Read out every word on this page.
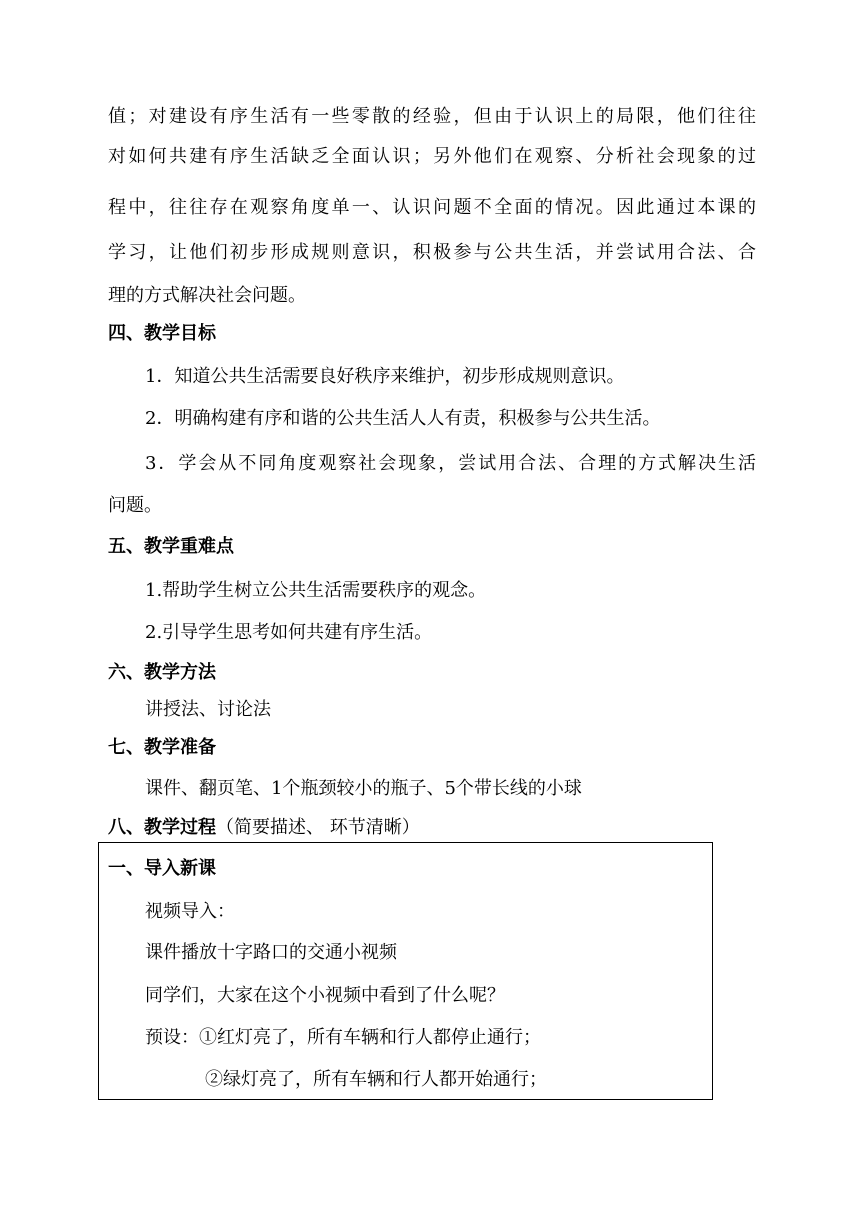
值；对建设有序生活有一些零散的经验，但由于认识上的局限，他们往往
对如何共建有序生活缺乏全面认识；另外他们在观察、分析社会现象的过
程中，往往存在观察角度单一、认识问题不全面的情况。因此通过本课的
学习，让他们初步形成规则意识，积极参与公共生活，并尝试用合法、合
理的方式解决社会问题。
四、教学目标
1．知道公共生活需要良好秩序来维护，初步形成规则意识。
2．明确构建有序和谐的公共生活人人有责，积极参与公共生活。
3．学会从不同角度观察社会现象，尝试用合法、合理的方式解决生活
问题。
五、教学重难点
1.帮助学生树立公共生活需要秩序的观念。
2.引导学生思考如何共建有序生活。
六、教学方法
讲授法、讨论法
七、教学准备
课件、翻页笔、1个瓶颈较小的瓶子、5个带长线的小球
八、教学过程（简要描述、 环节清晰）
一、导入新课
视频导入：
课件播放十字路口的交通小视频
同学们，大家在这个小视频中看到了什么呢？
预设：①红灯亮了，所有车辆和行人都停止通行；
②绿灯亮了，所有车辆和行人都开始通行；
